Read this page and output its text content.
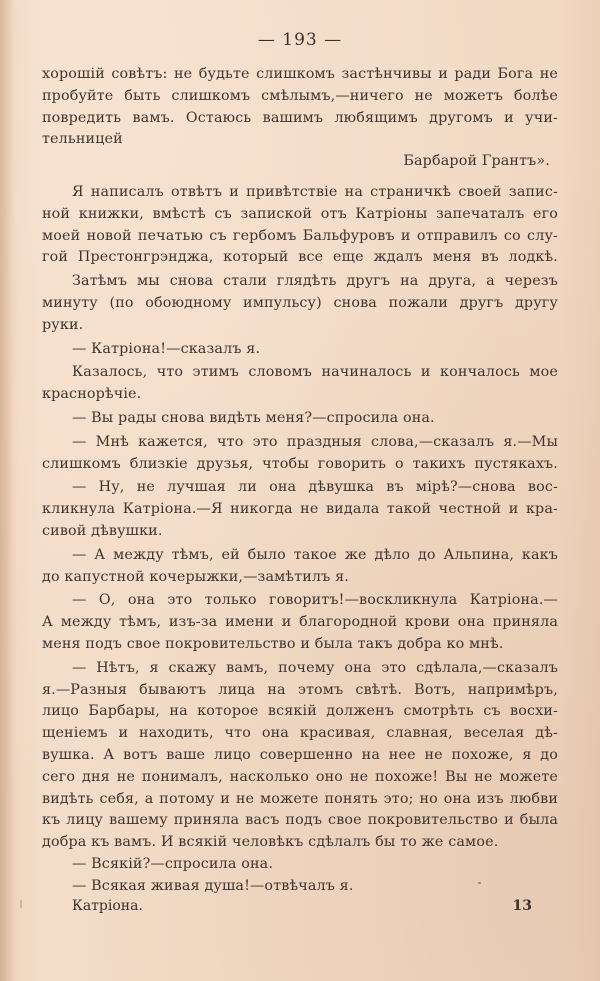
— 193 —
хорошій совѣтъ: не будьте слишкомъ застѣнчивы и ради Бога не
пробуйте быть слишкомъ смѣлымъ,—ничего не можетъ болѣе
повредить вамъ. Остаюсь вашимъ любящимъ другомъ и учи-
тельницей
Барбарой Грантъ».
Я написалъ отвѣтъ и привѣтствіе на страничкѣ своей запис-
ной книжки, вмѣстѣ съ запиской отъ Катріоны запечаталъ его
моей новой печатью съ гербомъ Бальфуровъ и отправилъ со слу-
гой Престонгрэнджа, который все еще ждалъ меня въ лодкѣ.
Затѣмъ мы снова стали глядѣть другъ на друга, а черезъ
минуту (по обоюдному импульсу) снова пожали другъ другу
руки.
— Катріона!—сказалъ я.
Казалось, что этимъ словомъ начиналось и кончалось мое
краснорѣчіе.
— Вы рады снова видѣть меня?—спросила она.
— Мнѣ кажется, что это праздныя слова,—сказалъ я.—Мы
слишкомъ близкіе друзья, чтобы говорить о такихъ пустякахъ.
— Ну, не лучшая ли она дѣвушка въ мірѣ?—снова вос-
кликнула Катріона.—Я никогда не видала такой честной и кра-
сивой дѣвушки.
— А между тѣмъ, ей было такое же дѣло до Альпина, какъ
до капустной кочерыжки,—замѣтилъ я.
— О, она это только говоритъ!—воскликнула Катріона.—
А между тѣмъ, изъ-за имени и благородной крови она приняла
меня подъ свое покровительство и была такъ добра ко мнѣ.
— Нѣтъ, я скажу вамъ, почему она это сдѣлала,—сказалъ
я.—Разныя бываютъ лица на этомъ свѣтѣ. Вотъ, напримѣръ,
лицо Барбары, на которое всякій долженъ смотрѣть съ восхи-
щеніемъ и находить, что она красивая, славная, веселая дѣ-
вушка. А вотъ ваше лицо совершенно на нее не похоже, я до
сего дня не понималъ, насколько оно не похоже! Вы не можете
видѣть себя, а потому и не можете понять это; но она изъ любви
къ лицу вашему приняла васъ подъ свое покровительство и была
добра къ вамъ. И всякій человѣкъ сдѣлалъ бы то же самое.
— Всякій?—спросила она.
— Всякая живая душа!—отвѣчалъ я.
Катріона.	13
